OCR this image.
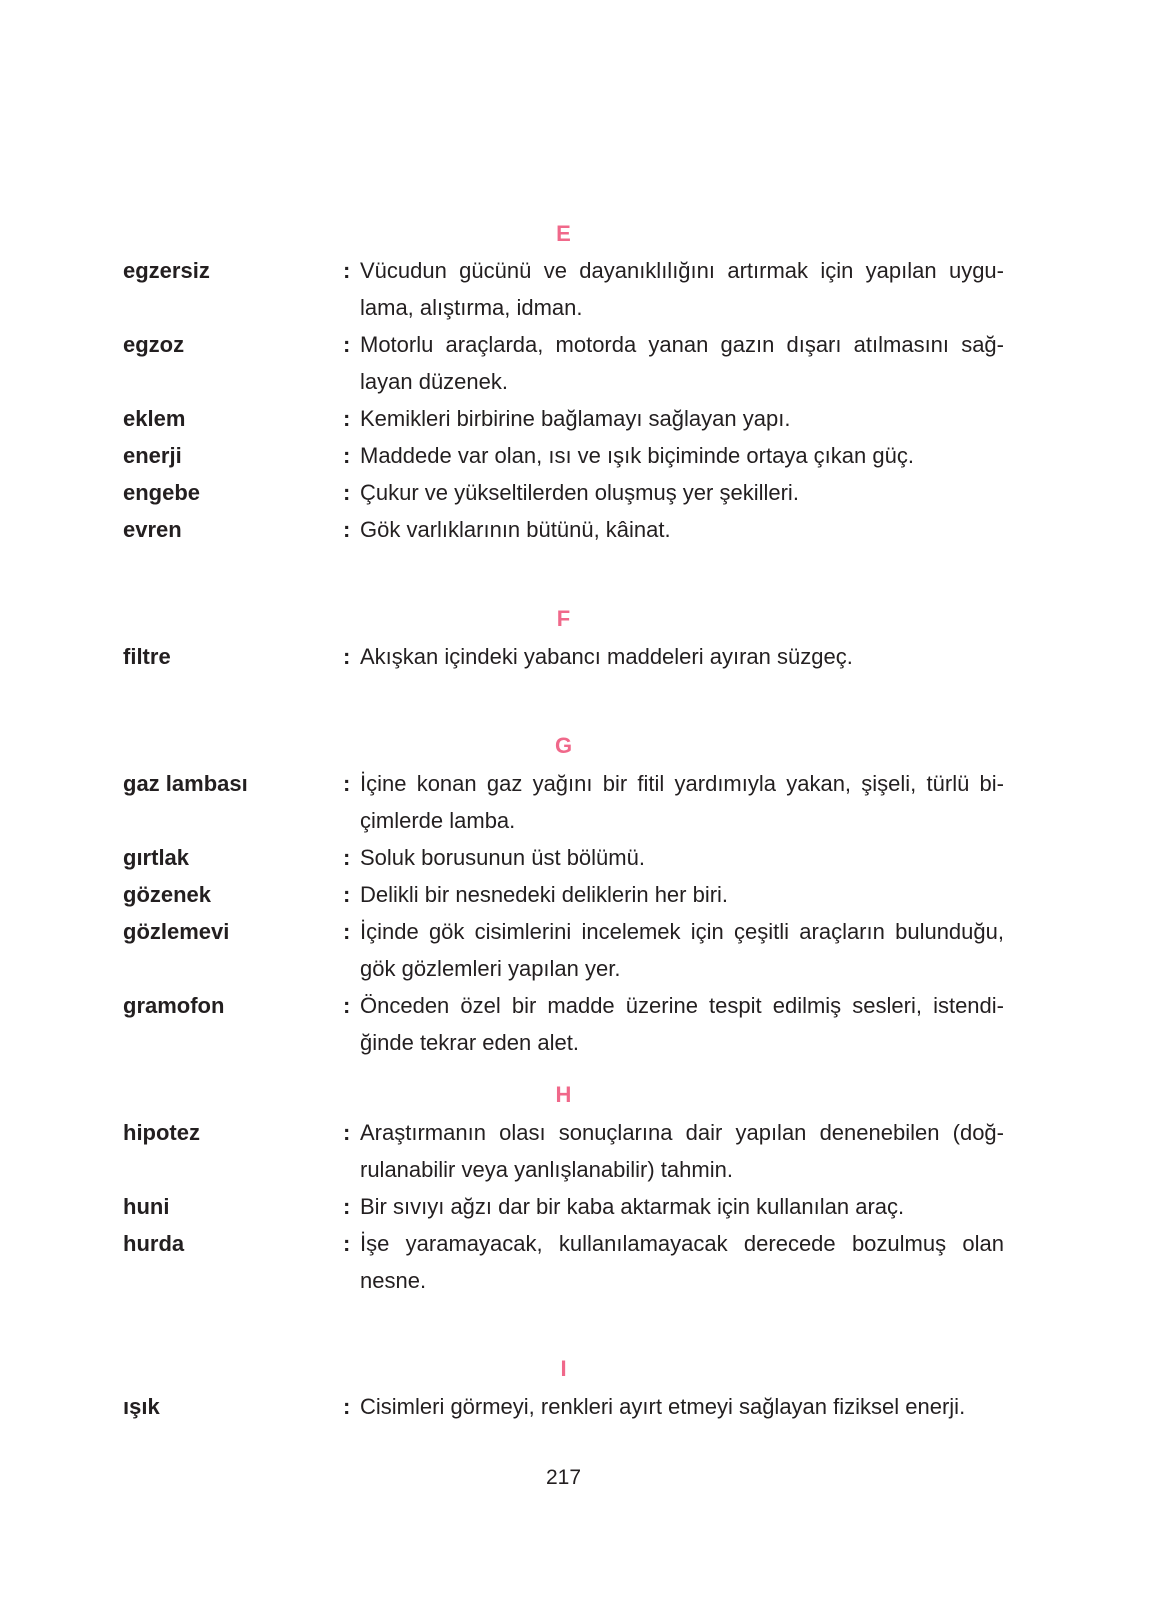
E
egzersiz	: Vücudun gücünü ve dayanıklılığını artırmak için yapılan uygu-
lama, alıştırma, idman.
egzoz	: Motorlu araçlarda, motorda yanan gazın dışarı atılmasını sağ-
layan düzenek.
eklem	: Kemikleri birbirine bağlamayı sağlayan yapı.
enerji	: Maddede var olan, ısı ve ışık biçiminde ortaya çıkan güç.
engebe	: Çukur ve yükseltilerden oluşmuş yer şekilleri.
evren	: Gök varlıklarının bütünü, kâinat.
F
filtre	: Akışkan içindeki yabancı maddeleri ayıran süzgeç.
G
gaz lambası	: İçine konan gaz yağını bir fitil yardımıyla yakan, şişeli, türlü bi-
çimlerde lamba.
gırtlak	: Soluk borusunun üst bölümü.
gözenek	: Delikli bir nesnedeki deliklerin her biri.
gözlemevi	: İçinde gök cisimlerini incelemek için çeşitli araçların bulunduğu,
gök gözlemleri yapılan yer.
gramofon	: Önceden özel bir madde üzerine tespit edilmiş sesleri, istendi-
ğinde tekrar eden alet.
H
hipotez	: Araştırmanın olası sonuçlarına dair yapılan denenebilen (doğ-
rulanabilir veya yanlışlanabilir) tahmin.
huni	: Bir sıvıyı ağzı dar bir kaba aktarmak için kullanılan araç.
hurda	: İşe yaramayacak, kullanılamayacak derecede bozulmuş olan
nesne.
I
ışık	: Cisimleri görmeyi, renkleri ayırt etmeyi sağlayan fiziksel enerji.
217
